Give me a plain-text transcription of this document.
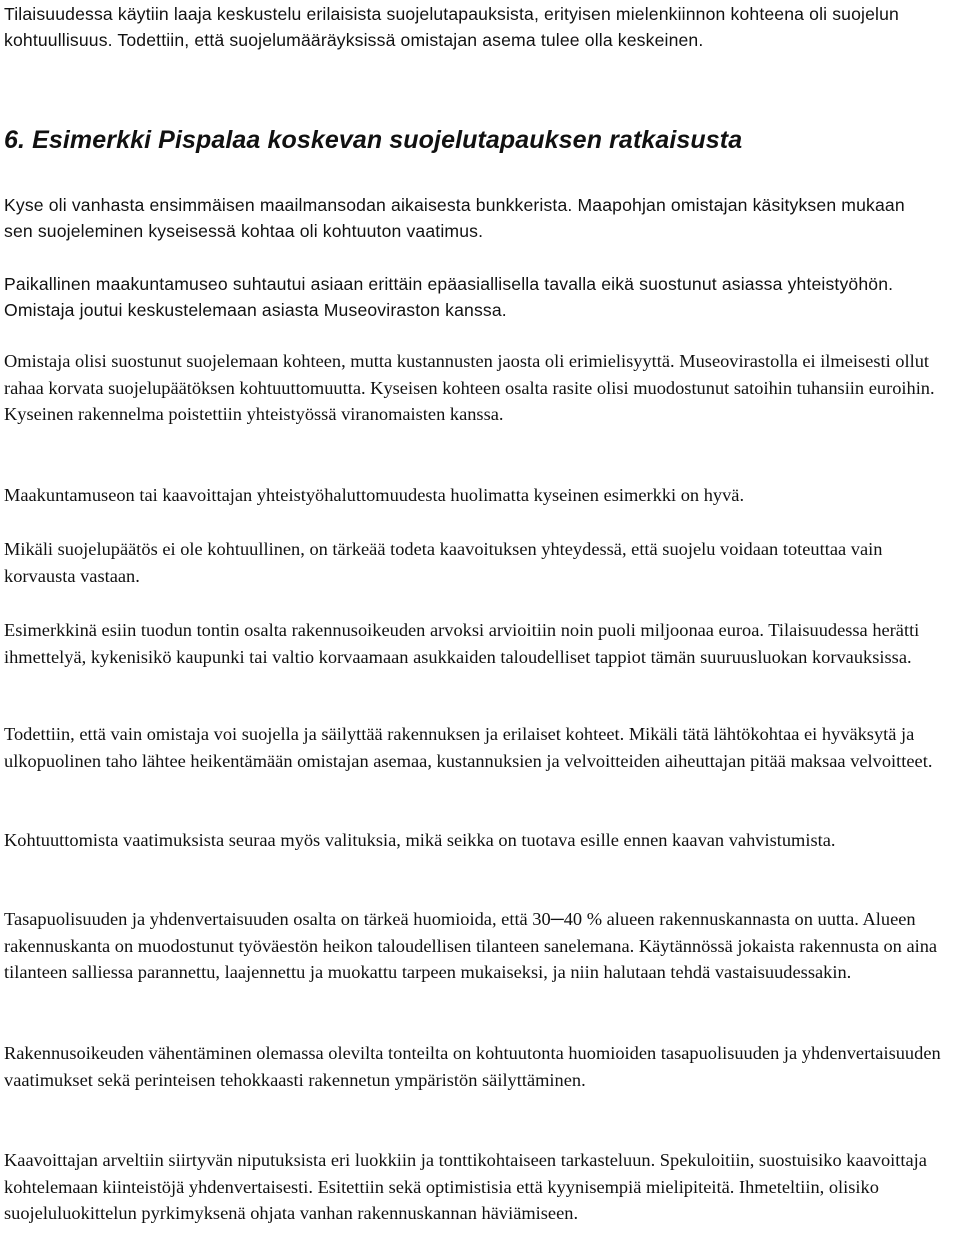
Tilaisuudessa käytiin laaja keskustelu erilaisista suojelutapauksista, erityisen mielenkiinnon kohteena oli suojelun kohtuullisuus. Todettiin, että suojelumääräyksissä omistajan asema tulee olla keskeinen.

6. Esimerkki Pispalaa koskevan suojelutapauksen ratkaisusta

Kyse oli vanhasta ensimmäisen maailmansodan aikaisesta bunkkerista. Maapohjan omistajan käsityksen mukaan sen suojeleminen kyseisessä kohtaa oli kohtuuton vaatimus.

Paikallinen maakuntamuseo suhtautui asiaan erittäin epäasiallisella tavalla eikä suostunut asiassa yhteistyöhön. Omistaja joutui keskustelemaan asiasta Museoviraston kanssa.

Omistaja olisi suostunut suojelemaan kohteen, mutta kustannusten jaosta oli erimielisyyttä. Museovirastolla ei ilmeisesti ollut rahaa korvata suojelupäätöksen kohtuuttomuutta. Kyseisen kohteen osalta rasite olisi muodostunut satoihin tuhansiin euroihin. Kyseinen rakennelma poistettiin yhteistyössä viranomaisten kanssa.

Maakuntamuseon tai kaavoittajan yhteistyöhaluttomuudesta huolimatta kyseinen esimerkki on hyvä.

Mikäli suojelupäätös ei ole kohtuullinen, on tärkeää todeta kaavoituksen yhteydessä, että suojelu voidaan toteuttaa vain korvausta vastaan.

Esimerkkinä esiin tuodun tontin osalta rakennusoikeuden arvoksi arvioitiin noin puoli miljoonaa euroa. Tilaisuudessa herätti ihmettelyä, kykenisikö kaupunki tai valtio korvaamaan asukkaiden taloudelliset tappiot tämän suuruusluokan korvauksissa.

Todettiin, että vain omistaja voi suojella ja säilyttää rakennuksen ja erilaiset kohteet. Mikäli tätä lähtökohtaa ei hyväksytä ja ulkopuolinen taho lähtee heikentämään omistajan asemaa, kustannuksien ja velvoitteiden aiheuttajan pitää maksaa velvoitteet.

Kohtuuttomista vaatimuksista seuraa myös valituksia, mikä seikka on tuotava esille ennen kaavan vahvistumista.

Tasapuolisuuden ja yhdenvertaisuuden osalta on tärkeä huomioida, että 30─40 % alueen rakennuskannasta on uutta. Alueen rakennuskanta on muodostunut työväestön heikon taloudellisen tilanteen sanelemana. Käytännössä jokaista rakennusta on aina tilanteen salliessa parannettu, laajennettu ja muokattu tarpeen mukaiseksi, ja niin halutaan tehdä vastaisuudessakin.

Rakennusoikeuden vähentäminen olemassa olevilta tonteilta on kohtuutonta huomioiden tasapuolisuuden ja yhdenvertaisuuden vaatimukset sekä perinteisen tehokkaasti rakennetun ympäristön säilyttäminen.

Kaavoittajan arveltiin siirtyvän niputuksista eri luokkiin ja tonttikohtaiseen tarkasteluun. Spekuloitiin, suostuisiko kaavoittaja kohtelemaan kiinteistöjä yhdenvertaisesti. Esitettiin sekä optimistisia että kyynisempiä mielipiteitä. Ihmeteltiin, olisiko suojeluluokittelun pyrkimyksenä ohjata vanhan rakennuskannan häviämiseen.
